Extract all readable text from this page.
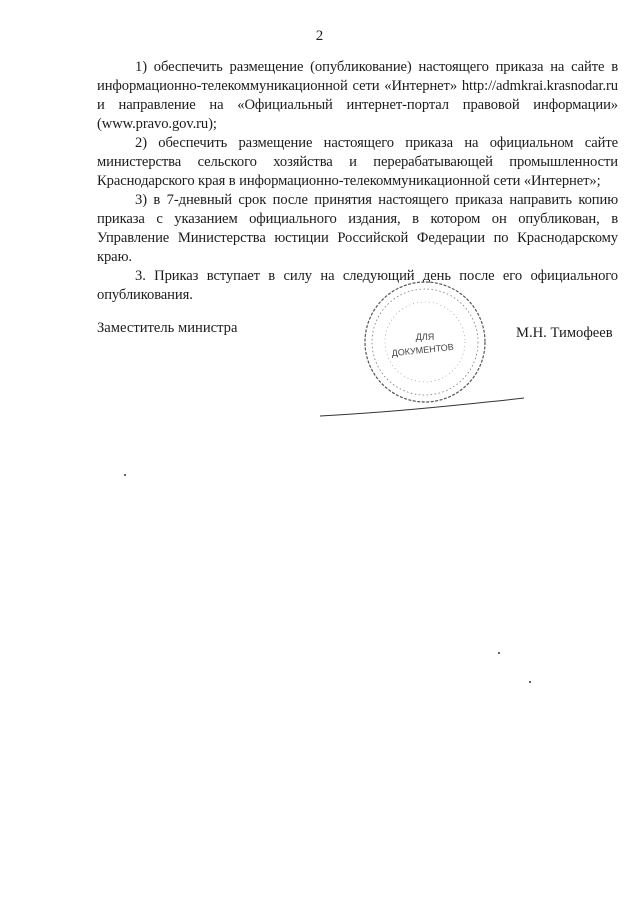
2

1) обеспечить размещение (опубликование) настоящего приказа на сайте в информационно-телекоммуникационной сети «Интернет» http://admkrai.krasnodar.ru и направление на «Официальный интернет-портал правовой информации» (www.pravo.gov.ru);

2) обеспечить размещение настоящего приказа на официальном сайте министерства сельского хозяйства и перерабатывающей промышленности Краснодарского края в информационно-телекоммуникационной сети «Интернет»;

3) в 7-дневный срок после принятия настоящего приказа направить копию приказа с указанием официального издания, в котором он опубликован, в Управление Министерства юстиции Российской Федерации по Краснодарскому краю.

3. Приказ вступает в силу на следующий день после его официального опубликования.

Заместитель министра
ДЛЯ
ДОКУМЕНТОВ
М.Н. Тимофеев
